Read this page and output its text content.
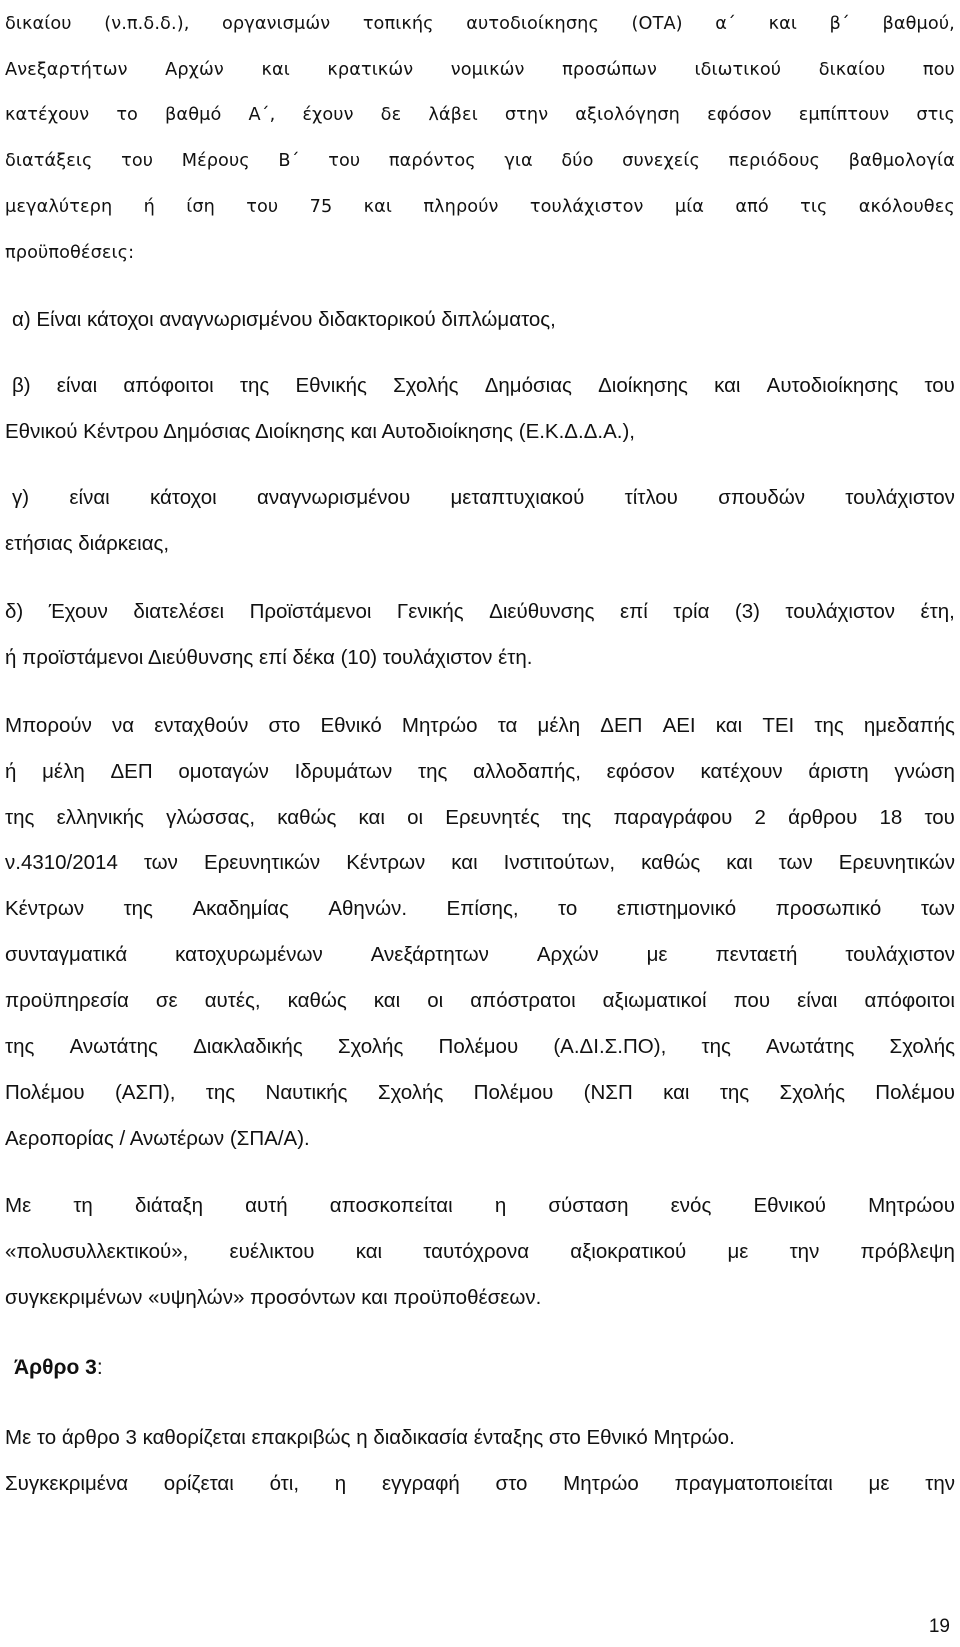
δικαίου (ν.π.δ.δ.), οργανισμών τοπικής αυτοδιοίκησης (ΟΤΑ) α΄ και β΄ βαθμού,

Ανεξαρτήτων Αρχών και κρατικών νομικών προσώπων ιδιωτικού δικαίου που

κατέχουν το βαθμό Α΄, έχουν δε λάβει στην αξιολόγηση εφόσον εμπίπτουν στις

διατάξεις του Μέρους Β΄ του παρόντος για δύο συνεχείς περιόδους βαθμολογία

μεγαλύτερη ή ίση του 75 και πληρούν τουλάχιστον μία από τις ακόλουθες

προϋποθέσεις:

α) Είναι κάτοχοι αναγνωρισμένου διδακτορικού διπλώματος,

β) είναι απόφοιτοι της Εθνικής Σχολής Δημόσιας Διοίκησης και Αυτοδιοίκησης του

Εθνικού Κέντρου Δημόσιας Διοίκησης και Αυτοδιοίκησης (Ε.Κ.Δ.Δ.Α.),

γ) είναι κάτοχοι αναγνωρισμένου μεταπτυχιακού τίτλου σπουδών τουλάχιστον

ετήσιας διάρκειας,

δ) Έχουν διατελέσει Προϊστάμενοι Γενικής Διεύθυνσης επί τρία (3) τουλάχιστον έτη,

ή προϊστάμενοι Διεύθυνσης επί δέκα (10) τουλάχιστον έτη.

Μπορούν να ενταχθούν στο Εθνικό Μητρώο τα μέλη ΔΕΠ ΑΕΙ και ΤΕΙ της ημεδαπής

ή μέλη ΔΕΠ ομοταγών Ιδρυμάτων της αλλοδαπής, εφόσον κατέχουν άριστη γνώση

της ελληνικής γλώσσας, καθώς και οι Ερευνητές της παραγράφου 2 άρθρου 18 του

ν.4310/2014 των Ερευνητικών Κέντρων και Ινστιτούτων, καθώς και των Ερευνητικών

Κέντρων της Ακαδημίας Αθηνών. Επίσης, το επιστημονικό προσωπικό των

συνταγματικά κατοχυρωμένων Ανεξάρτητων Αρχών με πενταετή τουλάχιστον

προϋπηρεσία σε αυτές, καθώς και οι απόστρατοι αξιωματικοί που είναι απόφοιτοι

της Ανωτάτης Διακλαδικής Σχολής Πολέμου (Α.ΔΙ.Σ.ΠΟ), της Ανωτάτης Σχολής

Πολέμου (ΑΣΠ), της Ναυτικής Σχολής Πολέμου (ΝΣΠ και της Σχολής Πολέμου

Αεροπορίας / Ανωτέρων (ΣΠΑ/Α).

Με τη διάταξη αυτή αποσκοπείται η σύσταση ενός Εθνικού Μητρώου

«πολυσυλλεκτικού», ευέλικτου και ταυτόχρονα αξιοκρατικού με την πρόβλεψη

συγκεκριμένων «υψηλών» προσόντων και προϋποθέσεων.

Άρθρο 3:

Με το άρθρο 3 καθορίζεται επακριβώς η διαδικασία ένταξης στο Εθνικό Μητρώο.

Συγκεκριμένα ορίζεται ότι, η εγγραφή στο Μητρώο πραγματοποιείται με την

19
